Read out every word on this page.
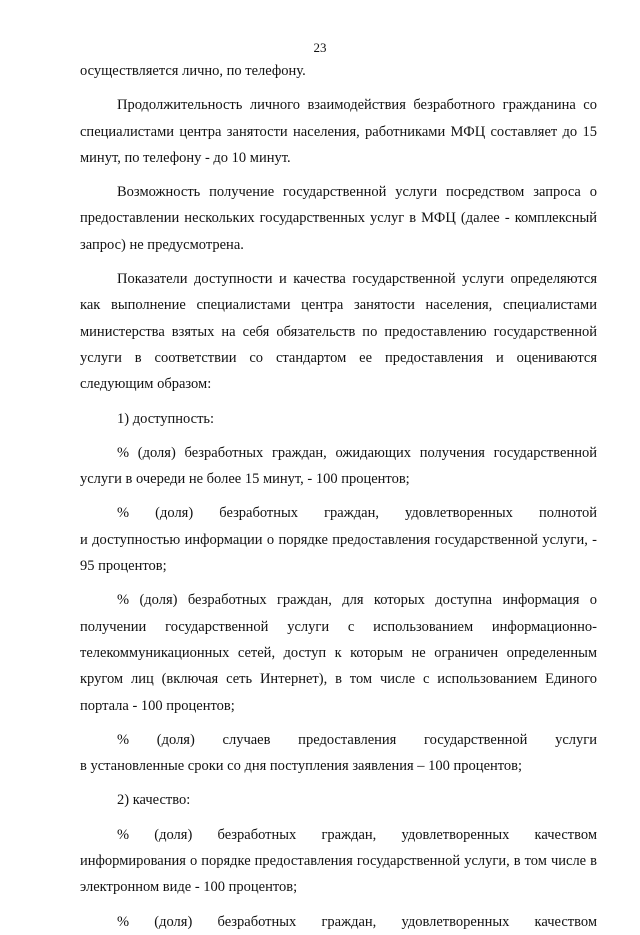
23

осуществляется лично, по телефону.

Продолжительность личного взаимодействия безработного гражданина со специалистами центра занятости населения, работниками МФЦ составляет до 15 минут, по телефону - до 10 минут.

Возможность получение государственной услуги посредством запроса о предоставлении нескольких государственных услуг в МФЦ (далее - комплексный запрос) не предусмотрена.

Показатели доступности и качества государственной услуги определяются как выполнение специалистами центра занятости населения, специалистами министерства взятых на себя обязательств по предоставлению государственной услуги в соответствии со стандартом ее предоставления и оцениваются следующим образом:

1) доступность:

% (доля) безработных граждан, ожидающих получения государственной услуги в очереди не более 15 минут, - 100 процентов;

% (доля) безработных граждан, удовлетворенных полнотой

и доступностью информации о порядке предоставления государственной услуги, - 95 процентов;

% (доля) безработных граждан, для которых доступна информация о получении государственной услуги с использованием информационно-телекоммуникационных сетей, доступ к которым не ограничен определенным кругом лиц (включая сеть Интернет), в том числе с использованием Единого портала - 100 процентов;

% (доля) случаев предоставления государственной услуги

в установленные сроки со дня поступления заявления – 100 процентов;

2) качество:

% (доля) безработных граждан, удовлетворенных качеством

информирования о порядке предоставления государственной услуги, в том числе в электронном виде - 100 процентов;

% (доля) безработных граждан, удовлетворенных качеством
